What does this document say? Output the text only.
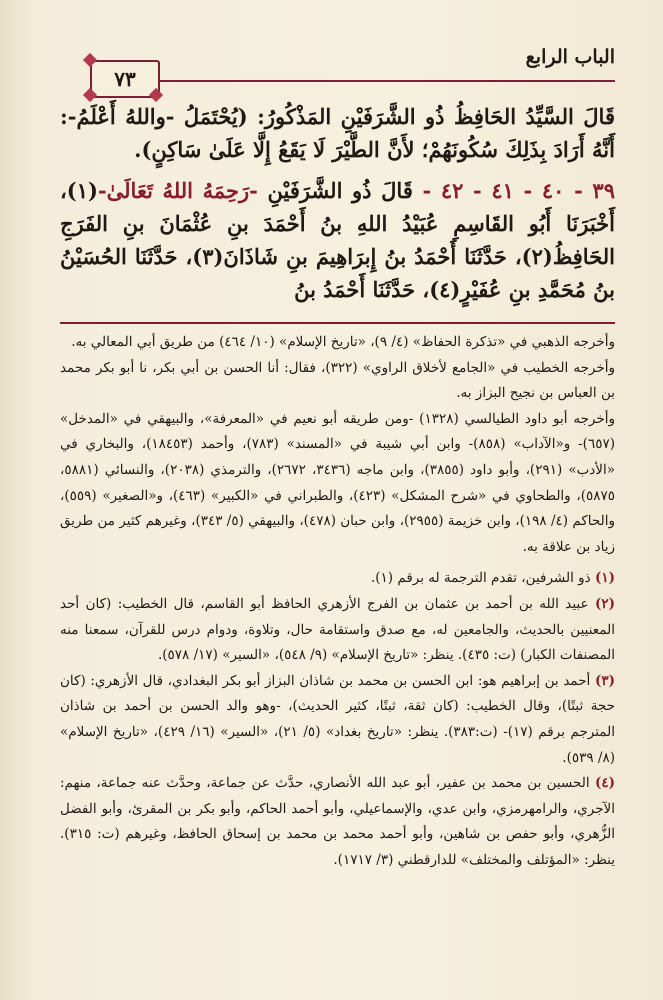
الباب الرابع
٧٣

قَالَ السَّيِّدُ الحَافِظُ ذُو الشَّرَفَيْنِ المَذْكُورُ: (يُحْتَمَلُ -واللهُ أَعْلَمُ-: أَنَّهُ أَرَادَ بِذَلِكَ سُكُونَهُمْ؛ لأَنَّ الطَّيْرَ لَا يَقَعُ إِلَّا عَلَىٰ سَاكِنٍ).

٣٩ - ٤٠ - ٤١ - ٤٢ - قَالَ ذُو الشَّرَفَيْنِ -رَحِمَهُ اللهُ تَعَالَىٰ-(١)، أَخْبَرَنَا أَبُو القَاسِمِ عُبَيْدُ اللهِ بنُ أَحْمَدَ بنِ عُثْمَانَ بنِ الفَرَجِ الحَافِظُ(٢)، حَدَّثَنَا أَحْمَدُ بنُ إِبرَاهِيمَ بنِ شَاذَانَ(٣)، حَدَّثَنَا الحُسَيْنُ بنُ مُحَمَّدِ بنِ عُفَيْرٍ(٤)، حَدَّثَنَا أَحْمَدُ بنُ

وأخرجه الذهبي في «تذكرة الحفاظ» (٤/ ٩)، «تاريخ الإسلام» (١٠/ ٤٦٤) من طريق أبي المعالي به.

وأخرجه الخطيب في «الجامع لأخلاق الراوي» (٣٢٢)، فقال: أنا الحسن بن أبي بكر، نا أبو بكر محمد بن العباس بن نجيح البزاز به.

وأخرجه أبو داود الطيالسي (١٣٢٨) -ومن طريقه أبو نعيم في «المعرفة»، والبيهقي في «المدخل» (٦٥٧)- و«الآداب» (٨٥٨)- وابن أبي شيبة في «المسند» (٧٨٣)، وأحمد (١٨٤٥٣)، والبخاري في «الأدب» (٢٩١)، وأبو داود (٣٨٥٥)، وابن ماجه (٣٤٣٦، ٢٦٧٢)، والترمذي (٢٠٣٨)، والنسائي (٥٨٨١، ٥٨٧٥)، والطحاوي في «شرح المشكل» (٤٢٣)، والطبراني في «الكبير» (٤٦٣)، و«الصغير» (٥٥٩)، والحاكم (٤/ ١٩٨)، وابن خزيمة (٢٩٥٥)، وابن حبان (٤٧٨)، والبيهقي (٥/ ٣٤٣)، وغيرهم كثير من طريق زياد بن علاقة به.

(١) ذو الشرفين، تقدم الترجمة له برقم (١).

(٢) عبيد الله بن أحمد بن عثمان بن الفرج الأزهري الحافظ أبو القاسم، قال الخطيب: (كان أحد المعنيين بالحديث، والجامعين له، مع صدق واستقامة حال، وتلاوة، ودوام درس للقرآن، سمعنا منه المصنفات الكبار) (ت: ٤٣٥). ينظر: «تاريخ الإسلام» (٩/ ٥٤٨)، «السير» (١٧/ ٥٧٨).

(٣) أحمد بن إبراهيم هو: ابن الحسن بن محمد بن شاذان البزاز أبو بكر البغدادي، قال الأزهري: (كان حجة ثبتًا)، وقال الخطيب: (كان ثقة، ثبتًا، كثير الحديث)، -وهو والد الحسن بن أحمد بن شاذان المترجم برقم (١٧)- (ت:٣٨٣). ينظر: «تاريخ بغداد» (٥/ ٢١)، «السير» (١٦/ ٤٢٩)، «تاريخ الإسلام» (٨/ ٥٣٩).

(٤) الحسين بن محمد بن عفير، أبو عبد الله الأنصاري، حدَّث عن جماعة، وحدَّث عنه جماعة، منهم: الآجري، والرامهرمزي، وابن عدي، والإسماعيلي، وأبو أحمد الحاكم، وأبو بكر بن المقرئ، وأبو الفضل الزُّهري، وأبو حفص بن شاهين، وأبو أحمد محمد بن محمد بن إسحاق الحافظ، وغيرهم (ت: ٣١٥). ينظر: «المؤتلف والمختلف» للدارقطني (٣/ ١٧١٧).
